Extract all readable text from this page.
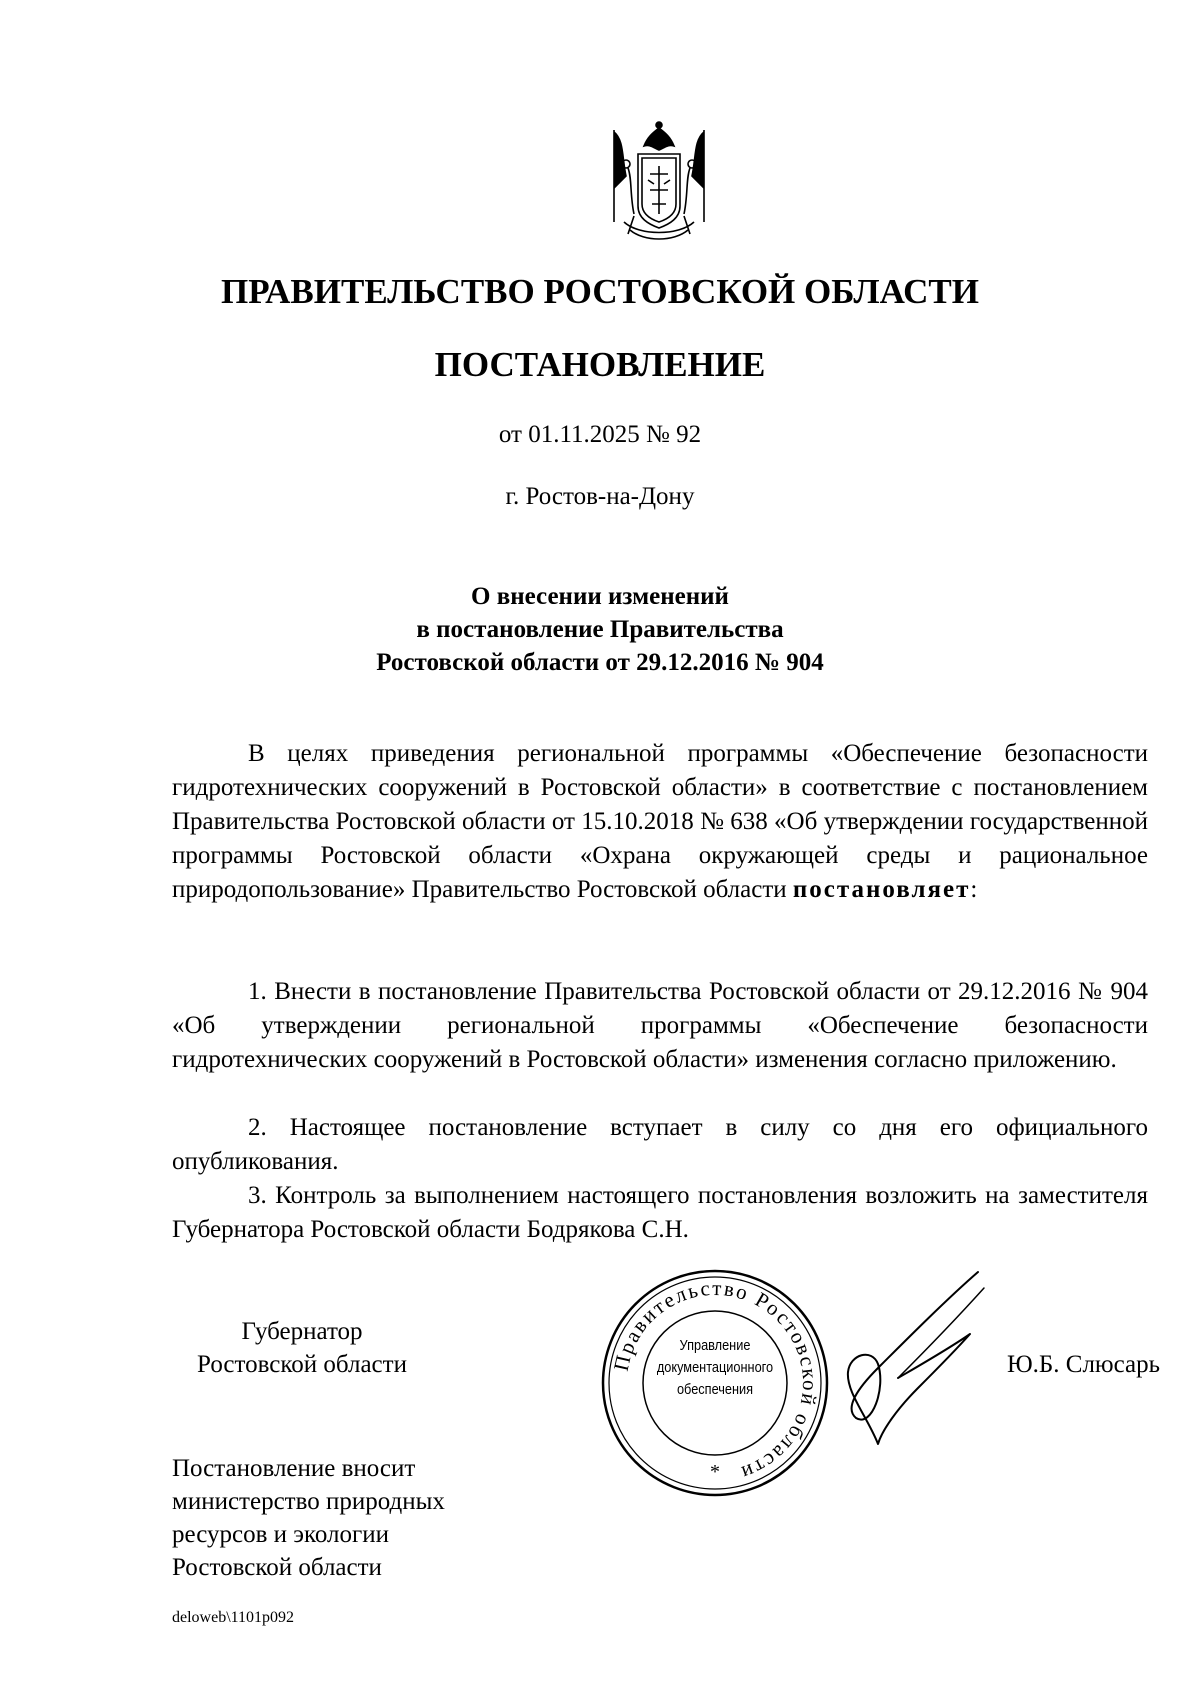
ПРАВИТЕЛЬСТВО РОСТОВСКОЙ ОБЛАСТИ
ПОСТАНОВЛЕНИЕ
от 01.11.2025 № 92
г. Ростов-на-Дону
О внесении изменений
в постановление Правительства
Ростовской области от 29.12.2016 № 904

В целях приведения региональной программы «Обеспечение безопасности гидротехнических сооружений в Ростовской области» в соответствие с постановлением Правительства Ростовской области от 15.10.2018 № 638 «Об утверждении государственной программы Ростовской области «Охрана окружающей среды и рациональное природопользование» Правительство Ростовской области постановляет:

1. Внести в постановление Правительства Ростовской области от 29.12.2016 № 904 «Об утверждении региональной программы «Обеспечение безопасности гидротехнических сооружений в Ростовской области» изменения согласно приложению.

2. Настоящее постановление вступает в силу со дня его официального опубликования.

3. Контроль за выполнением настоящего постановления возложить на заместителя Губернатора Ростовской области Бодрякова С.Н.

Губернатор
Ростовской области	Правительство Ростовской области
*
Управление
документационного
обеспечения
Ю.Б. Слюсарь
Постановление вносит
министерство природных
ресурсов и экологии
Ростовской области
deloweb\1101p092
